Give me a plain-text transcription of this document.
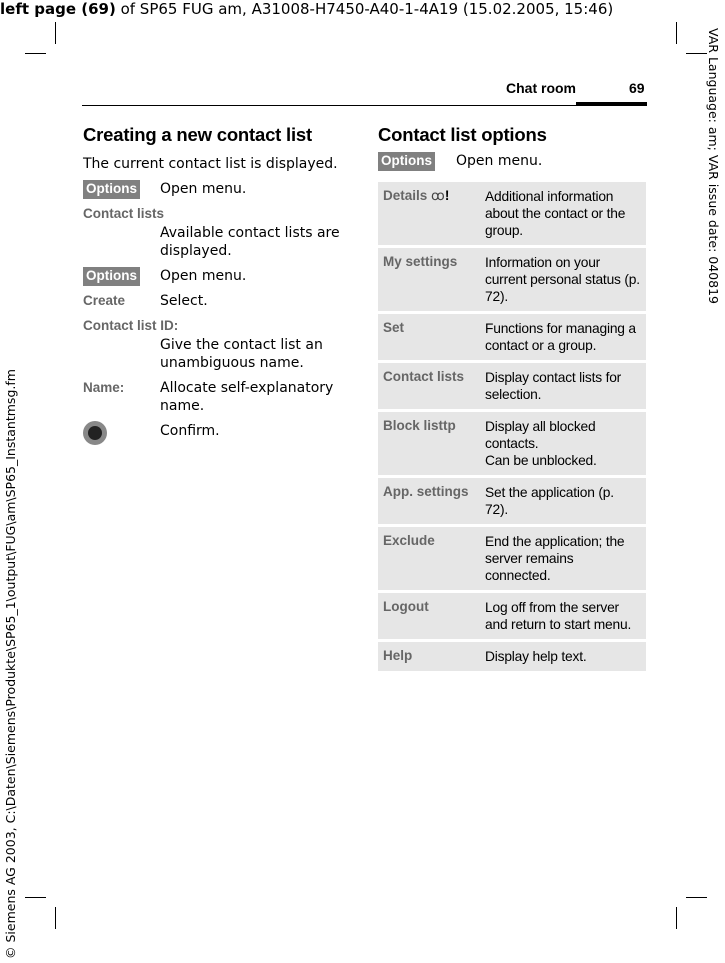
left page (69) of SP65 FUG am, A31008-H7450-A40-1-4A19 (15.02.2005, 15:46)
© Siemens AG 2003, C:\Daten\Siemens\Produkte\SP65_1\output\FUG\am\SP65_Instantmsg.fm
VAR Language: am; VAR issue date: 040819
Chat room	69
Creating a new contact list
The current contact list is displayed.
Options Open menu.
Contact lists
Available contact lists are displayed.
Options Open menu.
Create Select.
Contact list ID:
Give the contact list an unambiguous name.
Name:	Allocate self-explanatory name.
Confirm.
Contact list options
Options Open menu.
Details ꝏ!	Additional information about the contact or the group.
My settings	Information on your current personal status (p. 72).
Set	Functions for managing a contact or a group.
Contact lists	Display contact lists for selection.
Block listtp	Display all blocked contacts.
Can be unblocked.
App. settings	Set the application (p. 72).
Exclude	End the application; the server remains connected.
Logout	Log off from the server and return to start menu.
Help	Display help text.
